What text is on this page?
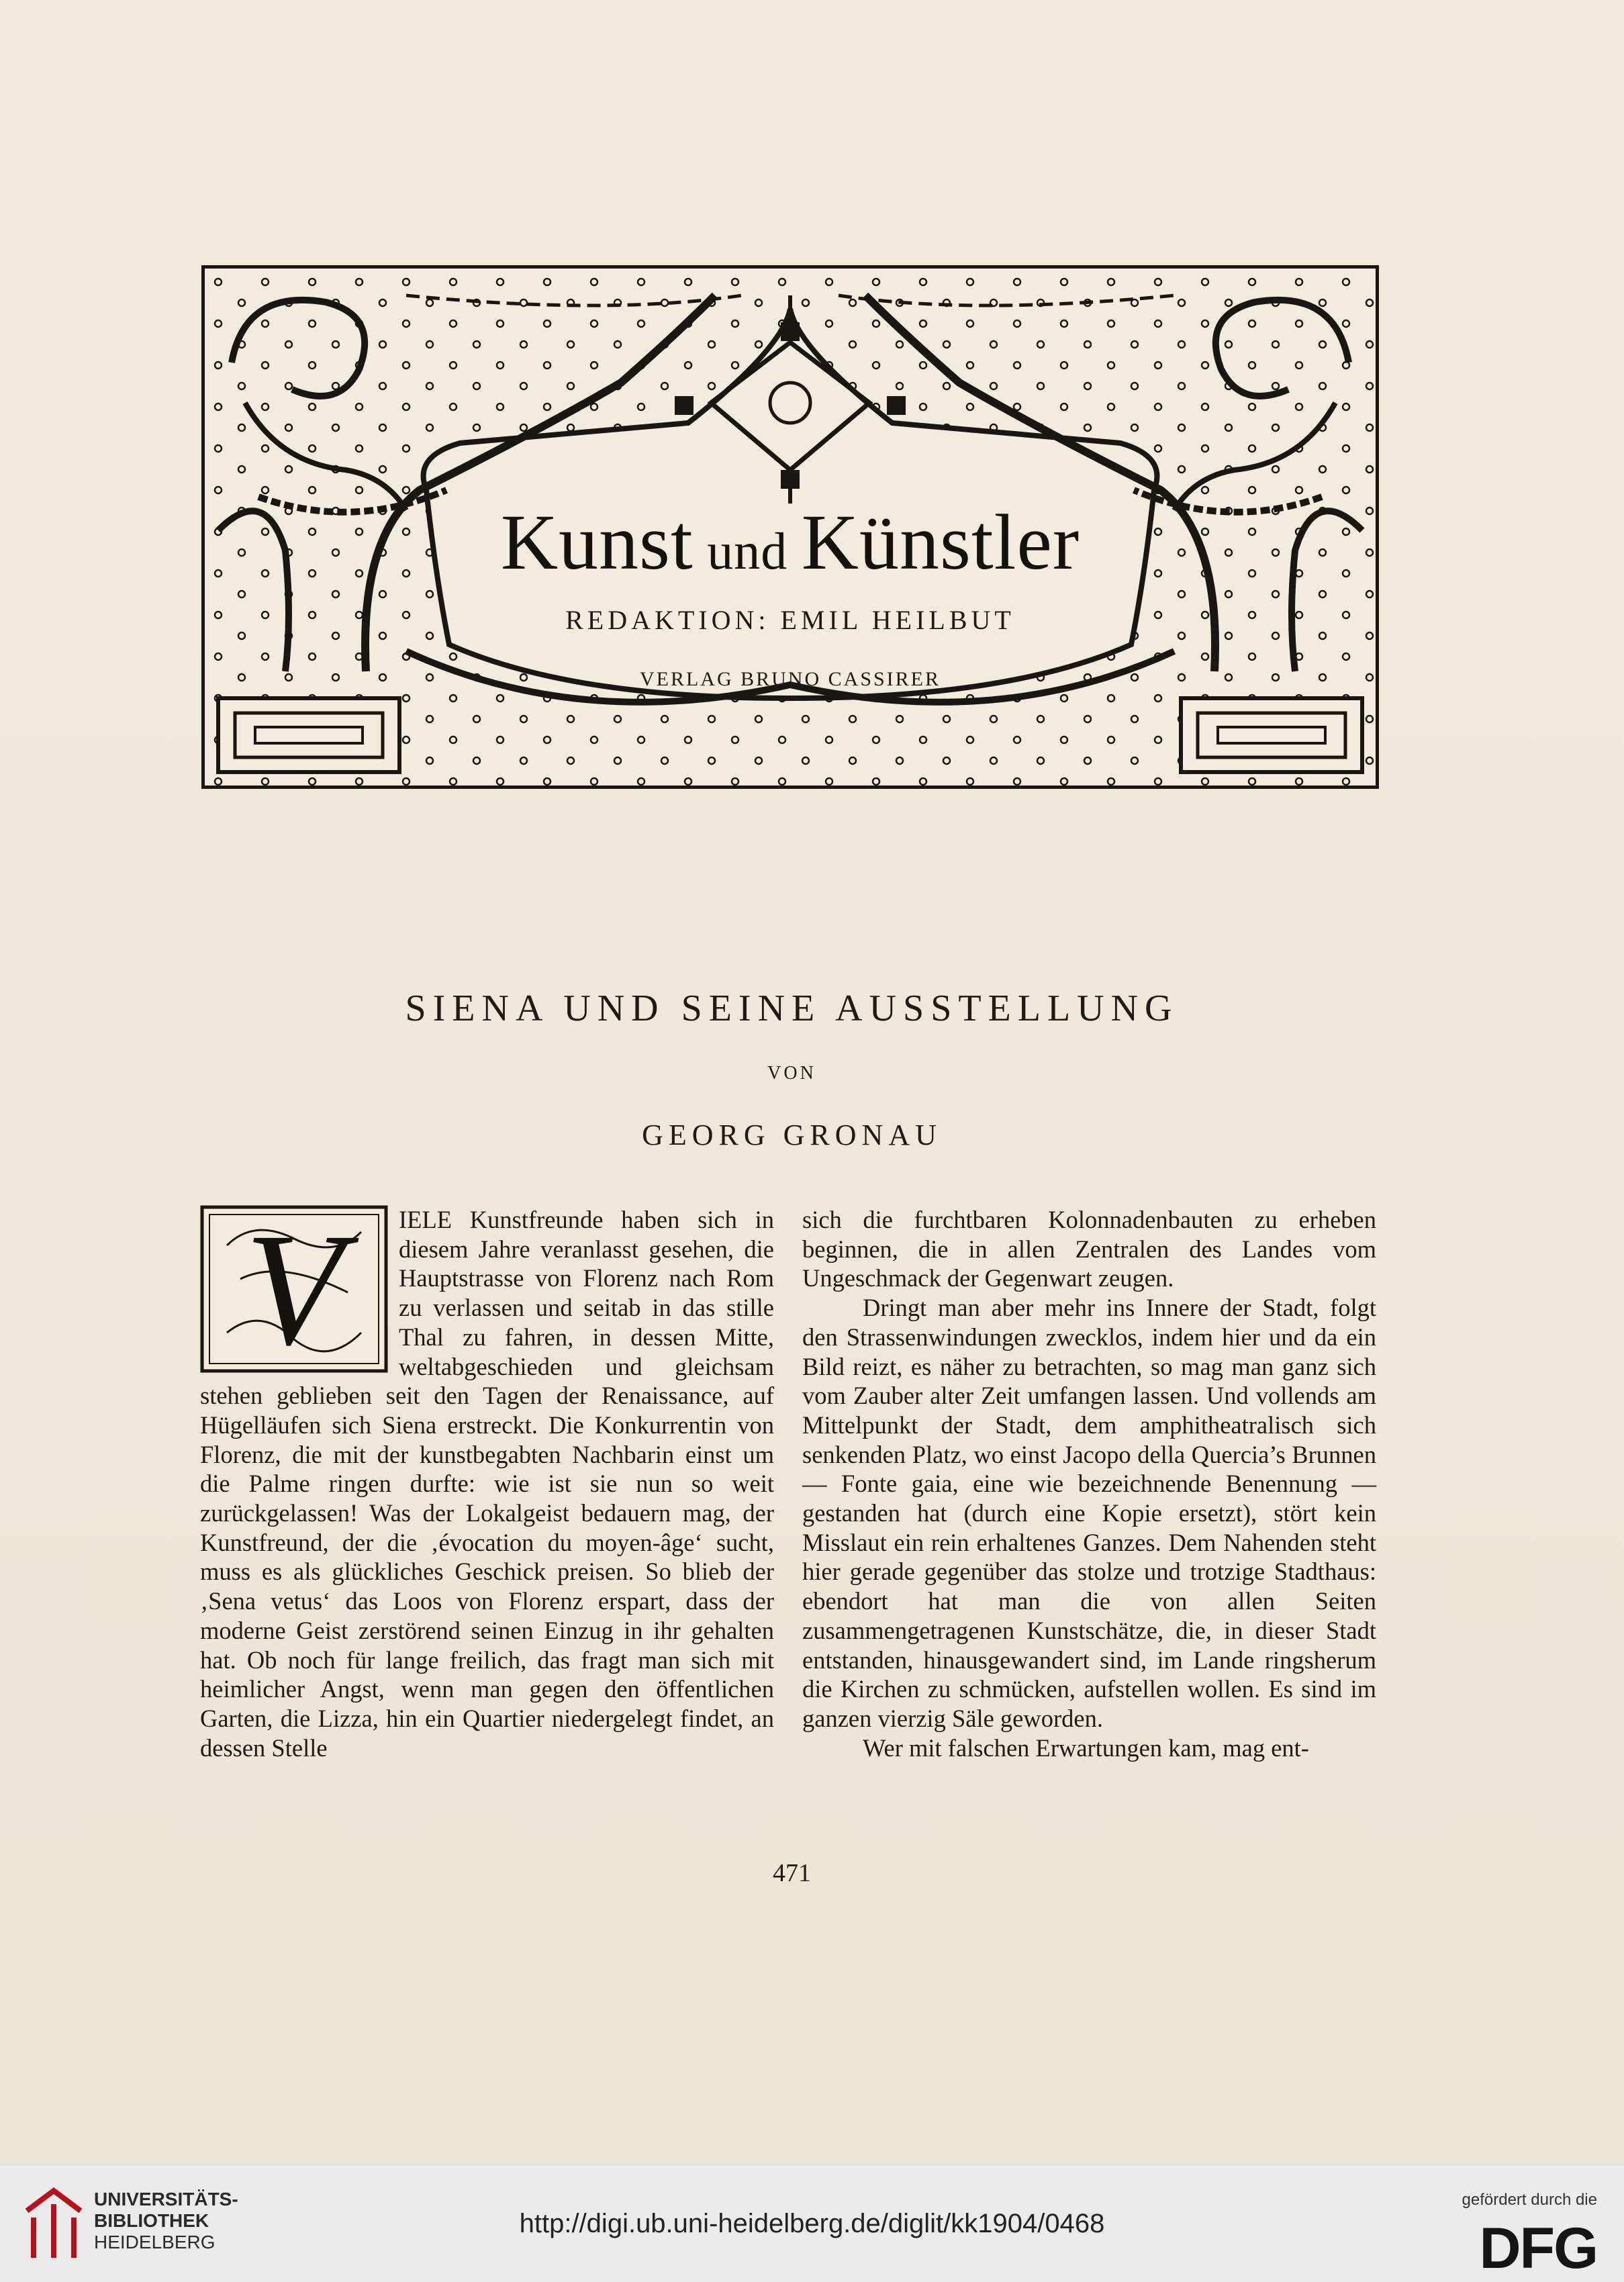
Kunst und Künstler
REDAKTION: EMIL HEILBUT
VERLAG BRUNO CASSIRER
SIENA UND SEINE AUSSTELLUNG
VON
GEORG GRONAU
V	IELE Kunstfreunde haben sich in diesem Jahre veranlasst gesehen, die Hauptstrasse von Florenz nach Rom zu verlassen und seitab in das stille Thal zu fahren, in dessen Mitte, weltabgeschieden und gleichsam stehen geblieben seit den Tagen der Renaissance, auf Hügelläufen sich Siena erstreckt. Die Konkurrentin von Florenz, die mit der kunstbegabten Nachbarin einst um die Palme ringen durfte: wie ist sie nun so weit zurückgelassen! Was der Lokalgeist bedauern mag, der Kunstfreund, der die ‚évocation du moyen-âge‘ sucht, muss es als glückliches Geschick preisen. So blieb der ‚Sena vetus‘ das Loos von Florenz erspart, dass der moderne Geist zerstörend seinen Einzug in ihr gehalten hat. Ob noch für lange freilich, das fragt man sich mit heimlicher Angst, wenn man gegen den öffentlichen Garten, die Lizza, hin ein Quartier niedergelegt findet, an dessen Stelle

sich die furchtbaren Kolonnadenbauten zu erheben beginnen, die in allen Zentralen des Landes vom Ungeschmack der Gegenwart zeugen.

Dringt man aber mehr ins Innere der Stadt, folgt den Strassenwindungen zwecklos, indem hier und da ein Bild reizt, es näher zu betrachten, so mag man ganz sich vom Zauber alter Zeit umfangen lassen. Und vollends am Mittelpunkt der Stadt, dem amphitheatralisch sich senkenden Platz, wo einst Jacopo della Quercia’s Brunnen — Fonte gaia, eine wie bezeichnende Benennung — gestanden hat (durch eine Kopie ersetzt), stört kein Misslaut ein rein erhaltenes Ganzes. Dem Nahenden steht hier gerade gegenüber das stolze und trotzige Stadthaus: ebendort hat man die von allen Seiten zusammengetragenen Kunstschätze, die, in dieser Stadt entstanden, hinausgewandert sind, im Lande ringsherum die Kirchen zu schmücken, aufstellen wollen. Es sind im ganzen vierzig Säle geworden.

Wer mit falschen Erwartungen kam, mag ent-

471
UNIVERSITÄTS-
BIBLIOTHEK
HEIDELBERG
http://digi.ub.uni-heidelberg.de/diglit/kk1904/0468
gefördert durch die
DFG
